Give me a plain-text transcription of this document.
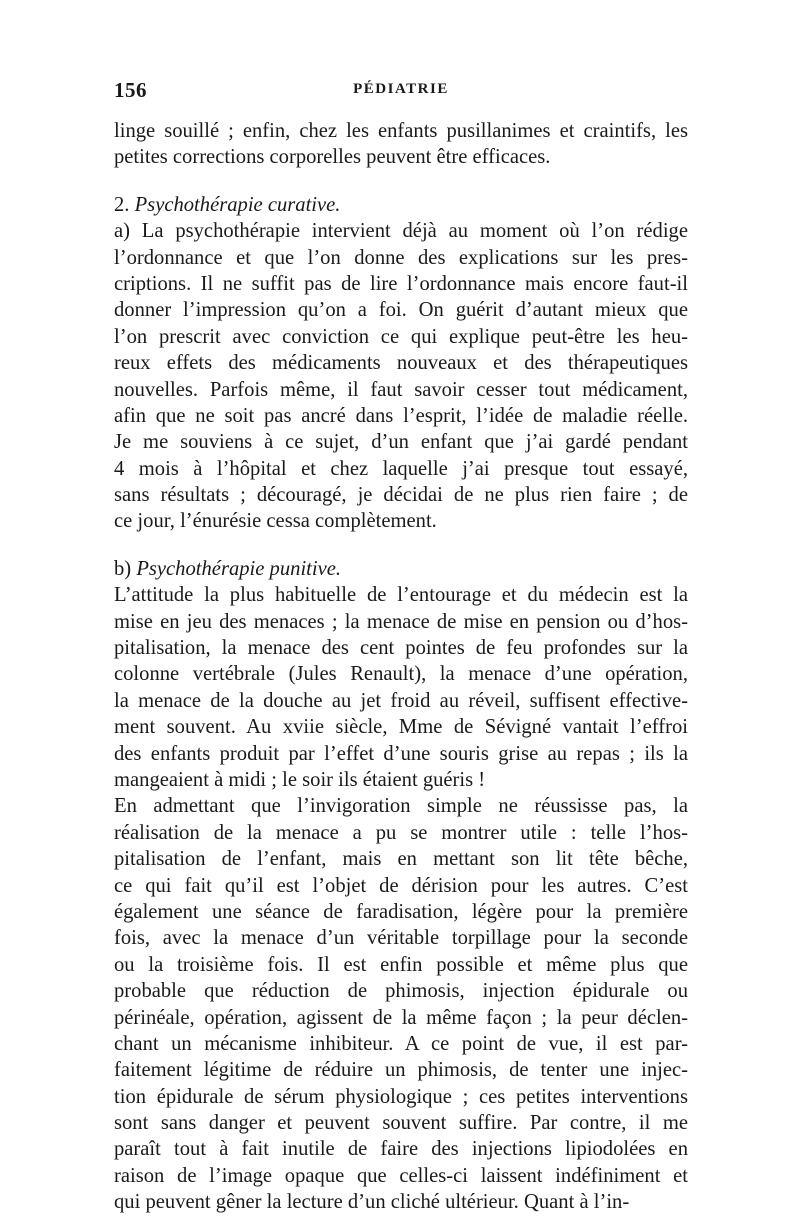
156	PÉDIATRIE
linge souillé ; enfin, chez les enfants pusillanimes et craintifs, les
petites corrections corporelles peuvent être efficaces.
2. Psychothérapie curative.
a) La psychothérapie intervient déjà au moment où l’on rédige
l’ordonnance et que l’on donne des explications sur les pres-
criptions. Il ne suffit pas de lire l’ordonnance mais encore faut-il
donner l’impression qu’on a foi. On guérit d’autant mieux que
l’on prescrit avec conviction ce qui explique peut-être les heu-
reux effets des médicaments nouveaux et des thérapeutiques
nouvelles. Parfois même, il faut savoir cesser tout médicament,
afin que ne soit pas ancré dans l’esprit, l’idée de maladie réelle.
Je me souviens à ce sujet, d’un enfant que j’ai gardé pendant
4 mois à l’hôpital et chez laquelle j’ai presque tout essayé,
sans résultats ; découragé, je décidai de ne plus rien faire ; de
ce jour, l’énurésie cessa complètement.
b) Psychothérapie punitive.
L’attitude la plus habituelle de l’entourage et du médecin est la
mise en jeu des menaces ; la menace de mise en pension ou d’hos-
pitalisation, la menace des cent pointes de feu profondes sur la
colonne vertébrale (Jules Renault), la menace d’une opération,
la menace de la douche au jet froid au réveil, suffisent effective-
ment souvent. Au xviie siècle, Mme de Sévigné vantait l’effroi
des enfants produit par l’effet d’une souris grise au repas ; ils la
mangeaient à midi ; le soir ils étaient guéris !
En admettant que l’invigoration simple ne réussisse pas, la
réalisation de la menace a pu se montrer utile : telle l’hos-
pitalisation de l’enfant, mais en mettant son lit tête bêche,
ce qui fait qu’il est l’objet de dérision pour les autres. C’est
également une séance de faradisation, légère pour la première
fois, avec la menace d’un véritable torpillage pour la seconde
ou la troisième fois. Il est enfin possible et même plus que
probable que réduction de phimosis, injection épidurale ou
périnéale, opération, agissent de la même façon ; la peur déclen-
chant un mécanisme inhibiteur. A ce point de vue, il est par-
faitement légitime de réduire un phimosis, de tenter une injec-
tion épidurale de sérum physiologique ; ces petites interventions
sont sans danger et peuvent souvent suffire. Par contre, il me
paraît tout à fait inutile de faire des injections lipiodolées en
raison de l’image opaque que celles-ci laissent indéfiniment et
qui peuvent gêner la lecture d’un cliché ultérieur. Quant à l’in-
